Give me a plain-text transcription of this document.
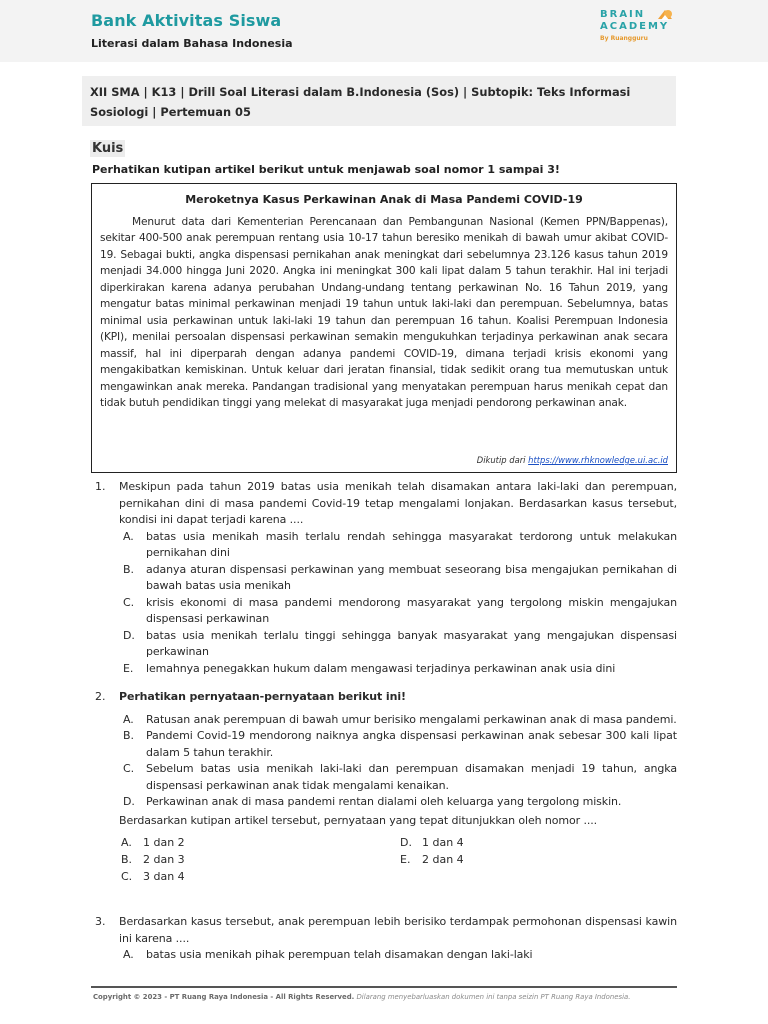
Bank Aktivitas Siswa
Literasi dalam Bahasa Indonesia
BRAIN
ACADEMY
By Ruangguru
XII SMA | K13 | Drill Soal Literasi dalam B.Indonesia (Sos) | Subtopik: Teks Informasi Sosiologi | Pertemuan 05
Kuis
Perhatikan kutipan artikel berikut untuk menjawab soal nomor 1 sampai 3!
Meroketnya Kasus Perkawinan Anak di Masa Pandemi COVID-19
Menurut data dari Kementerian Perencanaan dan Pembangunan Nasional (Kemen PPN/Bappenas), sekitar 400-500 anak perempuan rentang usia 10-17 tahun beresiko menikah di bawah umur akibat COVID-19. Sebagai bukti, angka dispensasi pernikahan anak meningkat dari sebelumnya 23.126 kasus tahun 2019 menjadi 34.000 hingga Juni 2020. Angka ini meningkat 300 kali lipat dalam 5 tahun terakhir. Hal ini terjadi diperkirakan karena adanya perubahan Undang-undang tentang perkawinan No. 16 Tahun 2019, yang mengatur batas minimal perkawinan menjadi 19 tahun untuk laki-laki dan perempuan. Sebelumnya, batas minimal usia perkawinan untuk laki-laki 19 tahun dan perempuan 16 tahun. Koalisi Perempuan Indonesia (KPI), menilai persoalan dispensasi perkawinan semakin mengukuhkan terjadinya perkawinan anak secara massif, hal ini diperparah dengan adanya pandemi COVID-19, dimana terjadi krisis ekonomi yang mengakibatkan kemiskinan. Untuk keluar dari jeratan finansial, tidak sedikit orang tua memutuskan untuk mengawinkan anak mereka. Pandangan tradisional yang menyatakan perempuan harus menikah cepat dan tidak butuh pendidikan tinggi yang melekat di masyarakat juga menjadi pendorong perkawinan anak.
Dikutip dari https://www.rhknowledge.ui.ac.id
1. Meskipun pada tahun 2019 batas usia menikah telah disamakan antara laki-laki dan perempuan, pernikahan dini di masa pandemi Covid-19 tetap mengalami lonjakan. Berdasarkan kasus tersebut, kondisi ini dapat terjadi karena ....
A. batas usia menikah masih terlalu rendah sehingga masyarakat terdorong untuk melakukan pernikahan dini
B. adanya aturan dispensasi perkawinan yang membuat seseorang bisa mengajukan pernikahan di bawah batas usia menikah
C. krisis ekonomi di masa pandemi mendorong masyarakat yang tergolong miskin mengajukan dispensasi perkawinan
D. batas usia menikah terlalu tinggi sehingga banyak masyarakat yang mengajukan dispensasi perkawinan
E. lemahnya penegakkan hukum dalam mengawasi terjadinya perkawinan anak usia dini
2. Perhatikan pernyataan-pernyataan berikut ini!
A. Ratusan anak perempuan di bawah umur berisiko mengalami perkawinan anak di masa pandemi.
B. Pandemi Covid-19 mendorong naiknya angka dispensasi perkawinan anak sebesar 300 kali lipat dalam 5 tahun terakhir.
C. Sebelum batas usia menikah laki-laki dan perempuan disamakan menjadi 19 tahun, angka dispensasi perkawinan anak tidak mengalami kenaikan.
D. Perkawinan anak di masa pandemi rentan dialami oleh keluarga yang tergolong miskin.
Berdasarkan kutipan artikel tersebut, pernyataan yang tepat ditunjukkan oleh nomor ....
A. 1 dan 2
B. 2 dan 3
C. 3 dan 4
D. 1 dan 4
E. 2 dan 4
3. Berdasarkan kasus tersebut, anak perempuan lebih berisiko terdampak permohonan dispensasi kawin ini karena ....
A. batas usia menikah pihak perempuan telah disamakan dengan laki-laki
Copyright © 2023 - PT Ruang Raya Indonesia - All Rights Reserved. Dilarang menyebarluaskan dokumen ini tanpa seizin PT Ruang Raya Indonesia.
